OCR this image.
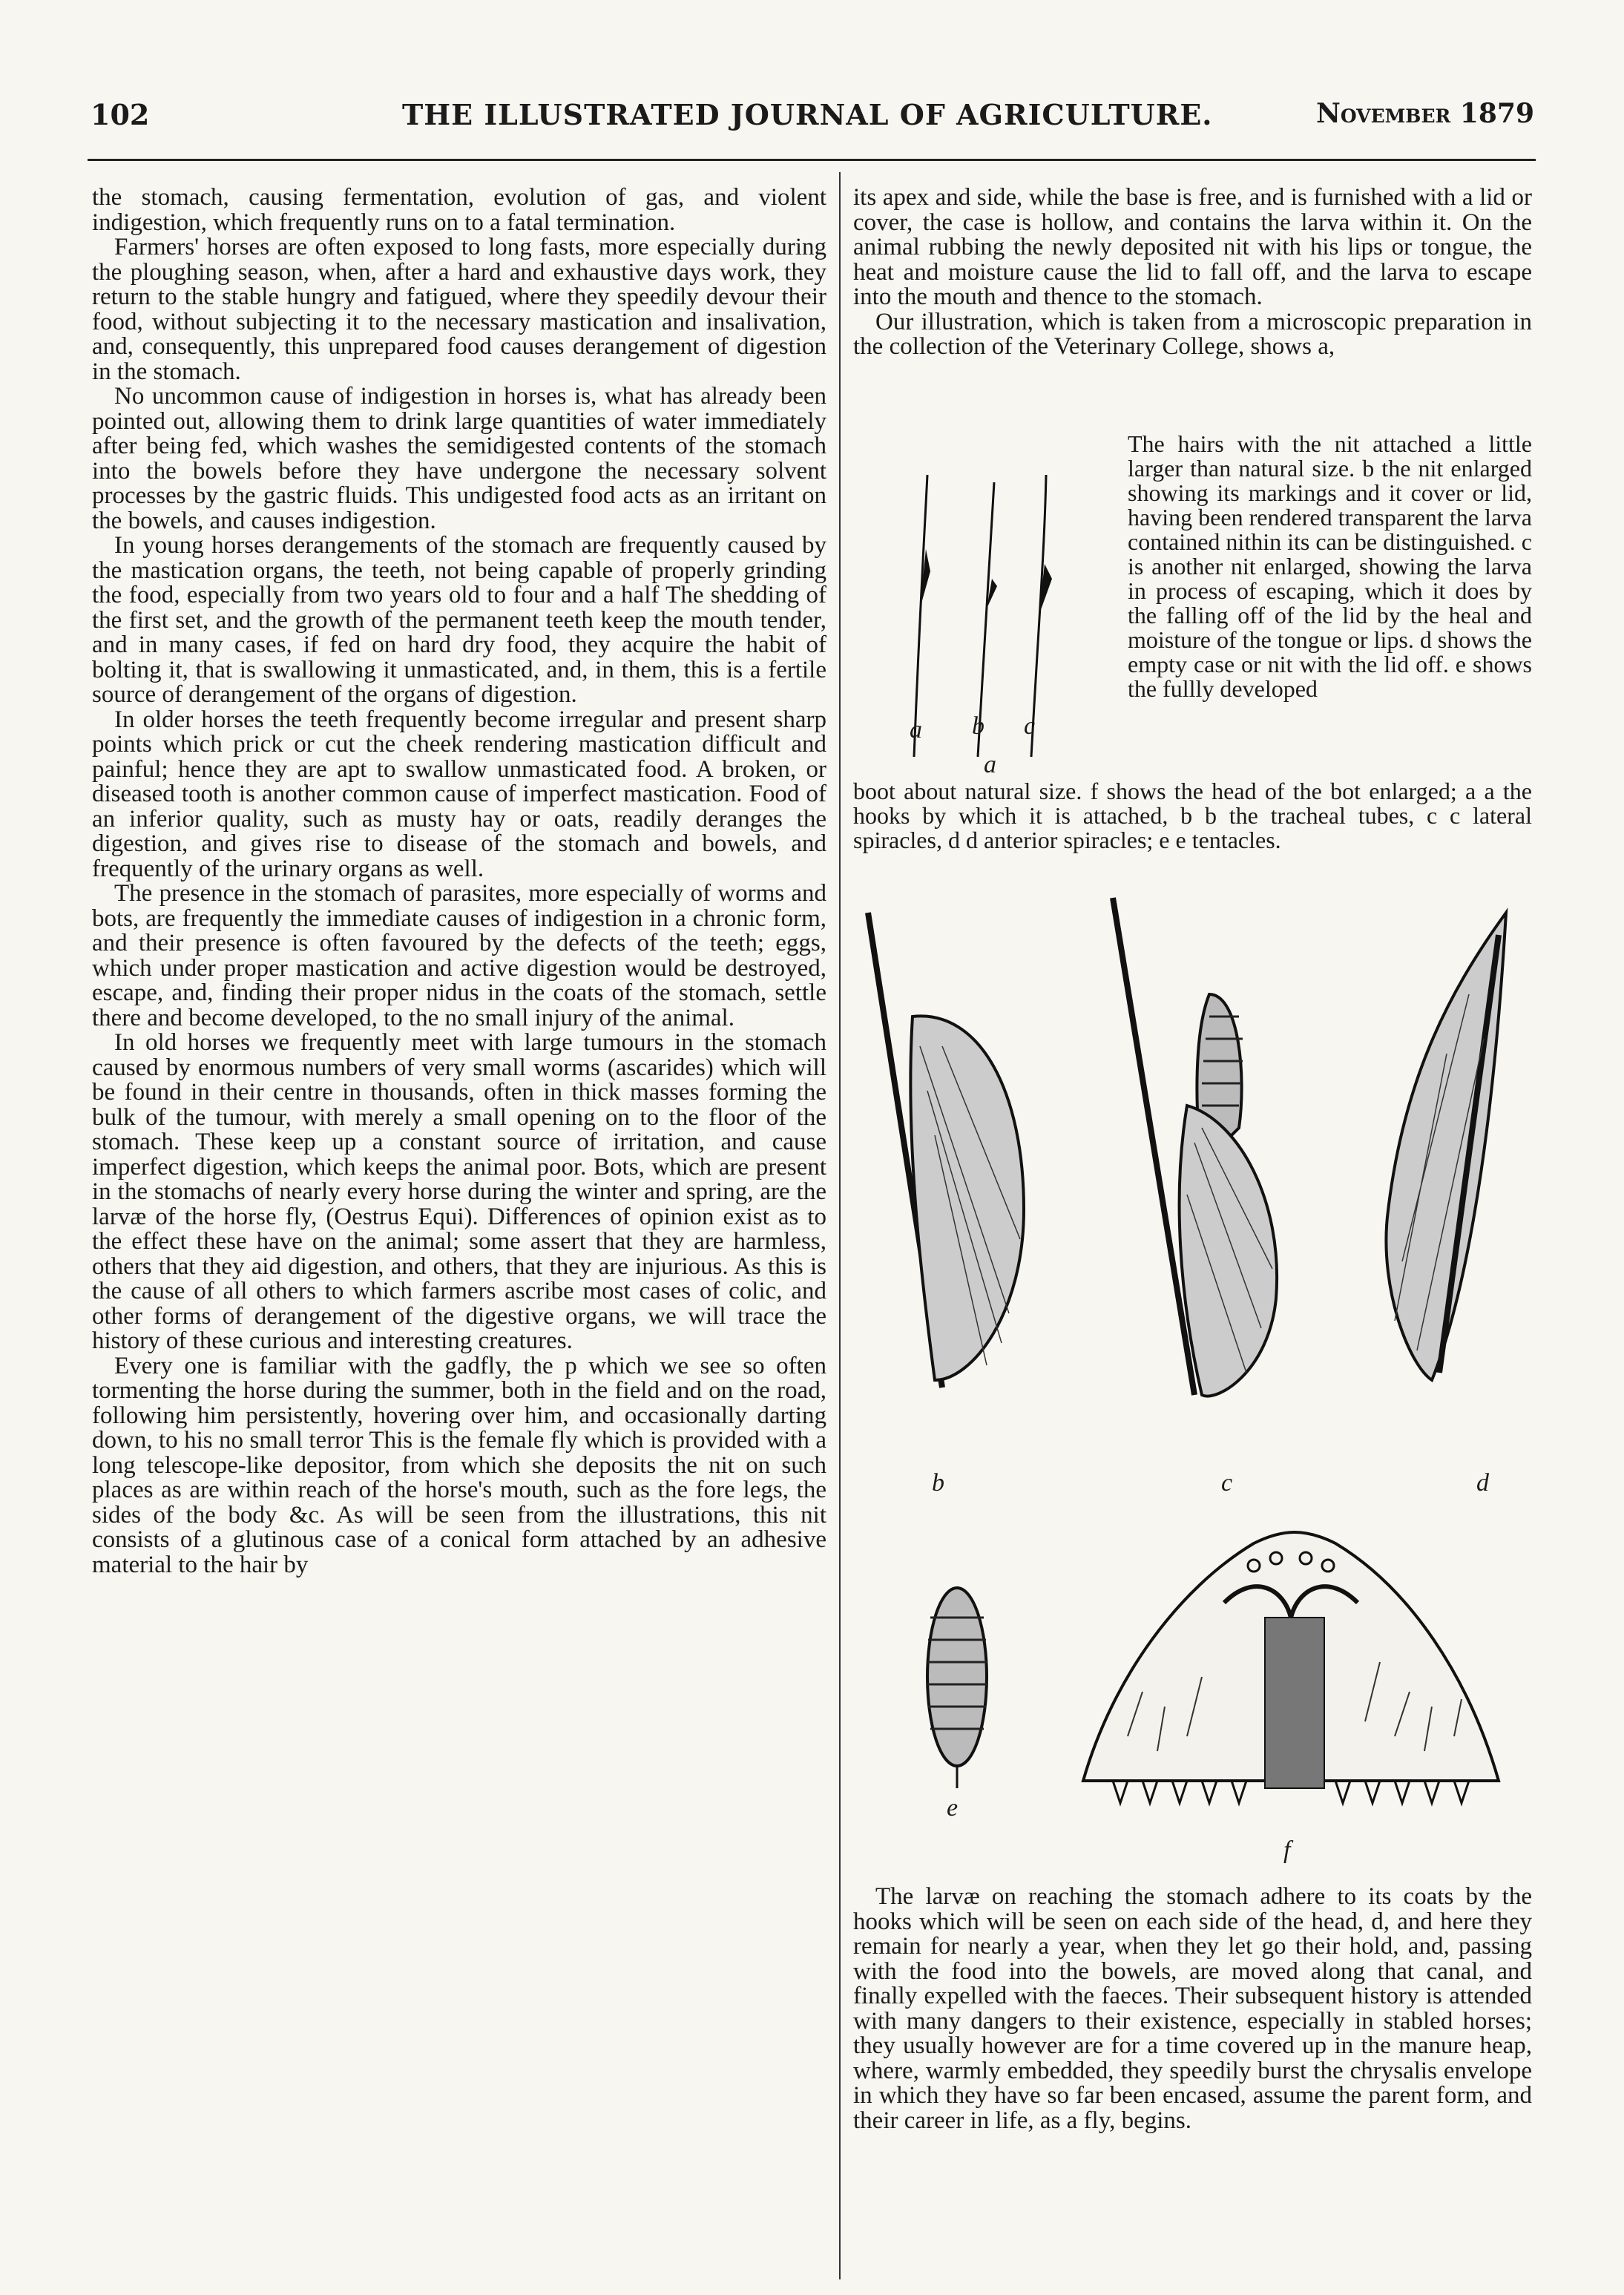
102	THE ILLUSTRATED JOURNAL OF AGRICULTURE.	November 1879

the stomach, causing fermentation, evolution of gas, and violent indigestion, which frequently runs on to a fatal termination.

Farmers' horses are often exposed to long fasts, more especially during the ploughing season, when, after a hard and exhaustive days work, they return to the stable hungry and fatigued, where they speedily devour their food, without subjecting it to the necessary mastication and insalivation, and, consequently, this unprepared food causes derangement of digestion in the stomach.

No uncommon cause of indigestion in horses is, what has already been pointed out, allowing them to drink large quantities of water immediately after being fed, which washes the semidigested contents of the stomach into the bowels before they have undergone the necessary solvent processes by the gastric fluids. This undigested food acts as an irritant on the bowels, and causes indigestion.

In young horses derangements of the stomach are frequently caused by the mastication organs, the teeth, not being capable of properly grinding the food, especially from two years old to four and a half The shedding of the first set, and the growth of the permanent teeth keep the mouth tender, and in many cases, if fed on hard dry food, they acquire the habit of bolting it, that is swallowing it unmasticated, and, in them, this is a fertile source of derangement of the organs of digestion.

In older horses the teeth frequently become irregular and present sharp points which prick or cut the cheek rendering mastication difficult and painful; hence they are apt to swallow unmasticated food. A broken, or diseased tooth is another common cause of imperfect mastication. Food of an inferior quality, such as musty hay or oats, readily deranges the digestion, and gives rise to disease of the stomach and bowels, and frequently of the urinary organs as well.

The presence in the stomach of parasites, more especially of worms and bots, are frequently the immediate causes of indigestion in a chronic form, and their presence is often favoured by the defects of the teeth; eggs, which under proper mastication and active digestion would be destroyed, escape, and, finding their proper nidus in the coats of the stomach, settle there and become developed, to the no small injury of the animal.

In old horses we frequently meet with large tumours in the stomach caused by enormous numbers of very small worms (ascarides) which will be found in their centre in thousands, often in thick masses forming the bulk of the tumour, with merely a small opening on to the floor of the stomach. These keep up a constant source of irritation, and cause imperfect digestion, which keeps the animal poor. Bots, which are present in the stomachs of nearly every horse during the winter and spring, are the larvæ of the horse fly, (Oestrus Equi). Differences of opinion exist as to the effect these have on the animal; some assert that they are harmless, others that they aid digestion, and others, that they are injurious. As this is the cause of all others to which farmers ascribe most cases of colic, and other forms of derangement of the digestive organs, we will trace the history of these curious and interesting creatures.

Every one is familiar with the gadfly, the p which we see so often tormenting the horse during the summer, both in the field and on the road, following him persistently, hovering over him, and occasionally darting down, to his no small terror This is the female fly which is provided with a long telescope-like depositor, from which she deposits the nit on such places as are within reach of the horse's mouth, such as the fore legs, the sides of the body &c. As will be seen from the illustrations, this nit consists of a glutinous case of a conical form attached by an adhesive material to the hair by

its apex and side, while the base is free, and is furnished with a lid or cover, the case is hollow, and contains the larva within it. On the animal rubbing the newly deposited nit with his lips or tongue, the heat and moisture cause the lid to fall off, and the larva to escape into the mouth and thence to the stomach.

Our illustration, which is taken from a microscopic preparation in the collection of the Veterinary College, shows a,

a b c
a
The hairs with the nit attached a little larger than natural size. b the nit enlarged showing its markings and it cover or lid, having been rendered transparent the larva contained nithin its can be distinguished. c is another nit enlarged, showing the larva in process of escaping, which it does by the falling off of the lid by the heal and moisture of the tongue or lips. d shows the empty case or nit with the lid off. e shows the fullly developed
boot about natural size. f shows the head of the bot enlarged; a a the hooks by which it is attached, b b the tracheal tubes, c c lateral spiracles, d d anterior spiracles; e e tentacles.
b	c	d
e
f

The larvæ on reaching the stomach adhere to its coats by the hooks which will be seen on each side of the head, d, and here they remain for nearly a year, when they let go their hold, and, passing with the food into the bowels, are moved along that canal, and finally expelled with the faeces. Their subsequent history is attended with many dangers to their existence, especially in stabled horses; they usually however are for a time covered up in the manure heap, where, warmly embedded, they speedily burst the chrysalis envelope in which they have so far been encased, assume the parent form, and their career in life, as a fly, begins.
